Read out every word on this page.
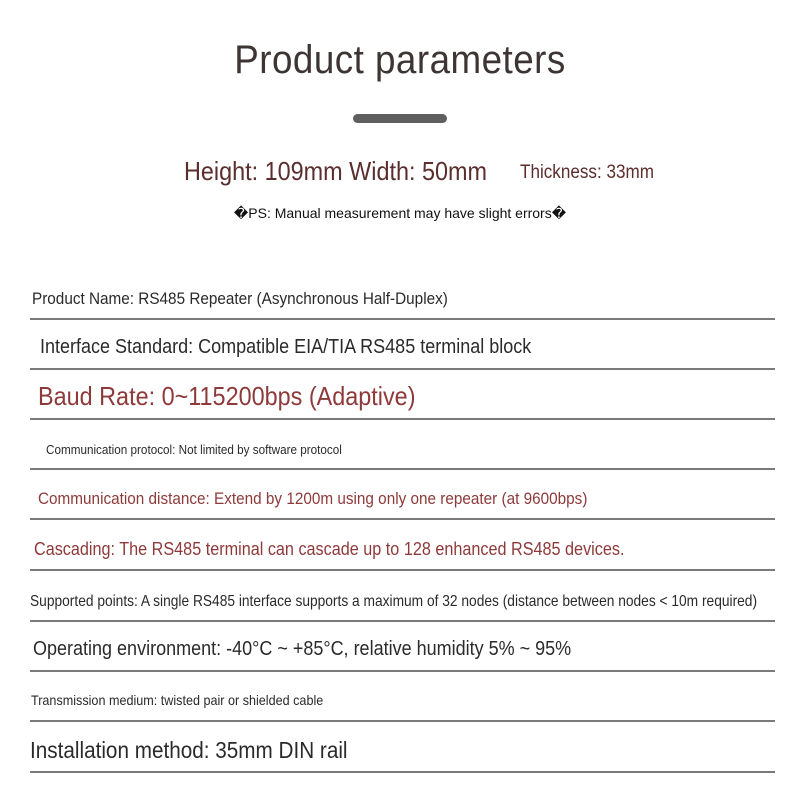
Product parameters
Height: 109mm Width: 50mm Thickness: 33mm
�PS: Manual measurement may have slight errors�
Product Name: RS485 Repeater (Asynchronous Half-Duplex)
Interface Standard: Compatible EIA/TIA RS485 terminal block
Baud Rate: 0~115200bps (Adaptive)
Communication protocol: Not limited by software protocol
Communication distance: Extend by 1200m using only one repeater (at 9600bps)
Cascading: The RS485 terminal can cascade up to 128 enhanced RS485 devices.
Supported points: A single RS485 interface supports a maximum of 32 nodes (distance between nodes < 10m required)
Operating environment: -40°C ~ +85°C, relative humidity 5% ~ 95%
Transmission medium: twisted pair or shielded cable
Installation method: 35mm DIN rail
